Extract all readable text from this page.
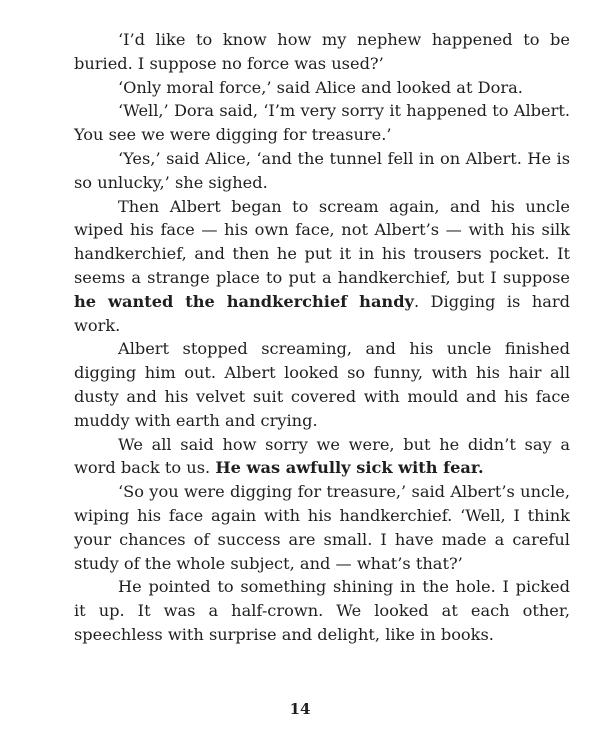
‘I’d like to know how my nephew happened to be buried. I suppose no force was used?’

‘Only moral force,’ said Alice and looked at Dora.

‘Well,’ Dora said, ‘I’m very sorry it happened to Albert. You see we were digging for treasure.’

‘Yes,’ said Alice, ‘and the tunnel fell in on Albert. He is so unlucky,’ she sighed.

Then Albert began to scream again, and his uncle wiped his face — his own face, not Albert’s — with his silk handkerchief, and then he put it in his trousers pocket. It seems a strange place to put a handkerchief, but I suppose he wanted the handkerchief handy. Digging is hard work.

Albert stopped screaming, and his uncle finished digging him out. Albert looked so funny, with his hair all dusty and his velvet suit covered with mould and his face muddy with earth and crying.

We all said how sorry we were, but he didn’t say a word back to us. He was awfully sick with fear.

‘So you were digging for treasure,’ said Albert’s uncle, wiping his face again with his handkerchief. ‘Well, I think your chances of success are small. I have made a careful study of the whole subject, and — what’s that?’

He pointed to something shining in the hole. I picked it up. It was a half-crown. We looked at each other, speechless with surprise and delight, like in books.

14
